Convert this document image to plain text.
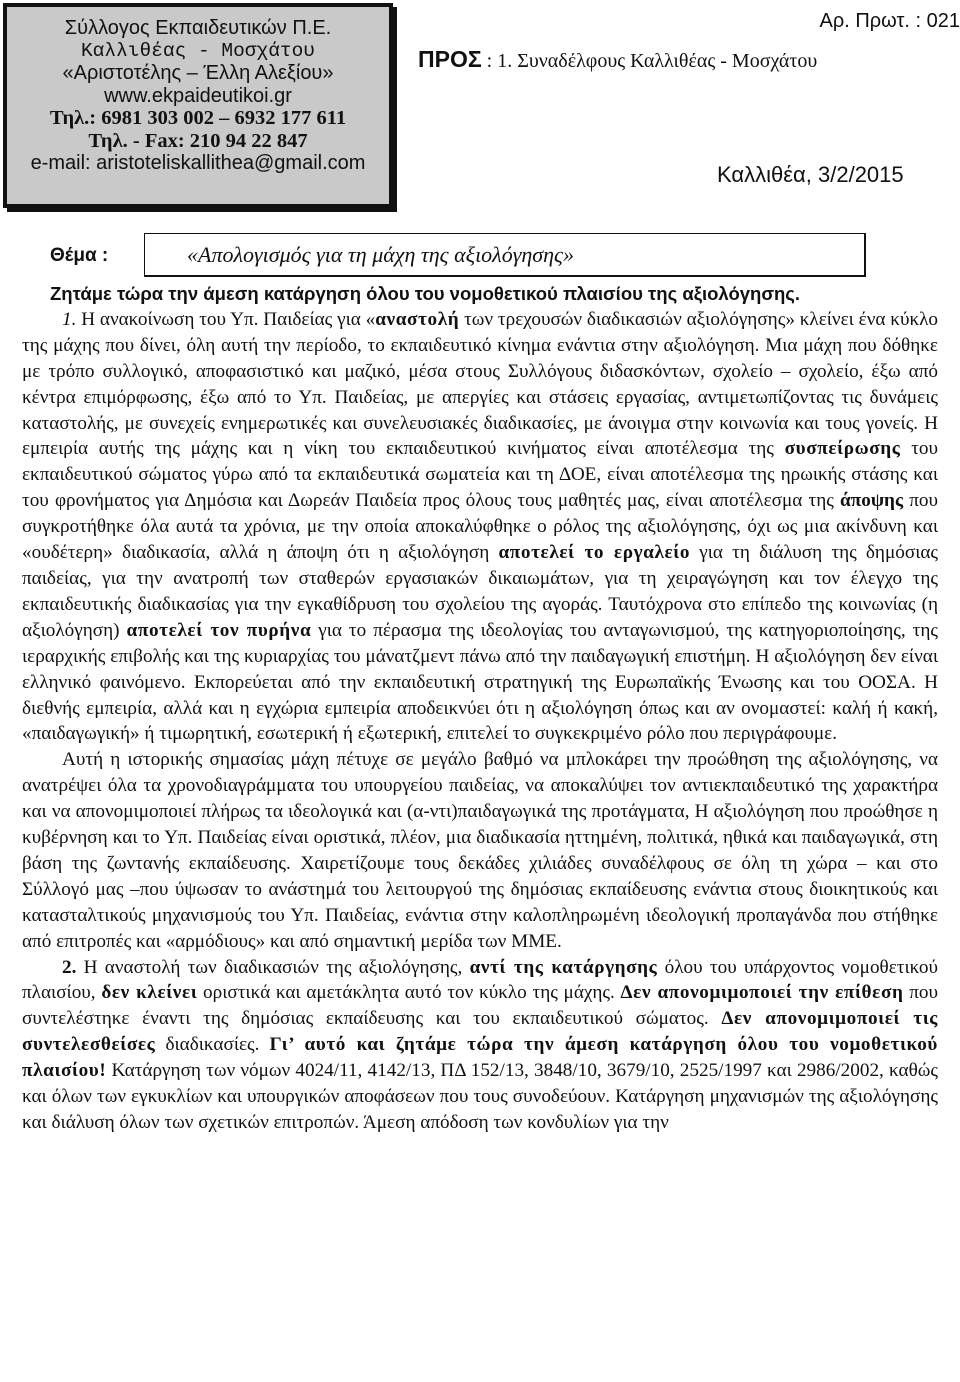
Σύλλογος Εκπαιδευτικών Π.Ε.
Καλλιθέας - Μοσχάτου
«Αριστοτέλης – Έλλη Αλεξίου»
www.ekpaideutikoi.gr
Τηλ.: 6981 303 002 – 6932 177 611
Τηλ. - Fax: 210 94 22 847
e-mail: aristoteliskallithea@gmail.com
Αρ. Πρωτ. : 021
ΠΡΟΣ : 1. Συναδέλφους Καλλιθέας - Μοσχάτου
Καλλιθέα, 3/2/2015
Θέμα :	«Απολογισμός για τη μάχη της αξιολόγησης»

Ζητάμε τώρα την άμεση κατάργηση όλου του νομοθετικού πλαισίου της αξιολόγησης.

1. Η ανακοίνωση του Υπ. Παιδείας για «αναστολή των τρεχουσών διαδικασιών αξιολόγησης» κλείνει ένα κύκλο της μάχης που δίνει, όλη αυτή την περίοδο, το εκπαιδευτικό κίνημα ενάντια στην αξιολόγηση. Μια μάχη που δόθηκε με τρόπο συλλογικό, αποφασιστικό και μαζικό, μέσα στους Συλλόγους διδασκόντων, σχολείο – σχολείο, έξω από κέντρα επιμόρφωσης, έξω από το Υπ. Παιδείας, με απεργίες και στάσεις εργασίας, αντιμετωπίζοντας τις δυνάμεις καταστολής, με συνεχείς ενημερωτικές και συνελευσιακές διαδικασίες, με άνοιγμα στην κοινωνία και τους γονείς. Η εμπειρία αυτής της μάχης και η νίκη του εκπαιδευτικού κινήματος είναι αποτέλεσμα της συσπείρωσης του εκπαιδευτικού σώματος γύρω από τα εκπαιδευτικά σωματεία και τη ΔΟΕ, είναι αποτέλεσμα της ηρωικής στάσης και του φρονήματος για Δημόσια και Δωρεάν Παιδεία προς όλους τους μαθητές μας, είναι αποτέλεσμα της άποψης που συγκροτήθηκε όλα αυτά τα χρόνια, με την οποία αποκαλύφθηκε ο ρόλος της αξιολόγησης, όχι ως μια ακίνδυνη και «ουδέτερη» διαδικασία, αλλά η άποψη ότι η αξιολόγηση αποτελεί το εργαλείο για τη διάλυση της δημόσιας παιδείας, για την ανατροπή των σταθερών εργασιακών δικαιωμάτων, για τη χειραγώγηση και τον έλεγχο της εκπαιδευτικής διαδικασίας για την εγκαθίδρυση του σχολείου της αγοράς. Ταυτόχρονα στο επίπεδο της κοινωνίας (η αξιολόγηση) αποτελεί τον πυρήνα για το πέρασμα της ιδεολογίας του ανταγωνισμού, της κατηγοριοποίησης, της ιεραρχικής επιβολής και της κυριαρχίας του μάνατζμεντ πάνω από την παιδαγωγική επιστήμη. Η αξιολόγηση δεν είναι ελληνικό φαινόμενο. Εκπορεύεται από την εκπαιδευτική στρατηγική της Ευρωπαϊκής Ένωσης και του ΟΟΣΑ. Η διεθνής εμπειρία, αλλά και η εγχώρια εμπειρία αποδεικνύει ότι η αξιολόγηση όπως και αν ονομαστεί: καλή ή κακή, «παιδαγωγική» ή τιμωρητική, εσωτερική ή εξωτερική, επιτελεί το συγκεκριμένο ρόλο που περιγράφουμε.

Αυτή η ιστορικής σημασίας μάχη πέτυχε σε μεγάλο βαθμό να μπλοκάρει την προώθηση της αξιολόγησης, να ανατρέψει όλα τα χρονοδιαγράμματα του υπουργείου παιδείας, να αποκαλύψει τον αντιεκπαιδευτικό της χαρακτήρα και να απονομιμοποιεί πλήρως τα ιδεολογικά και (α-ντι)παιδαγωγικά της προτάγματα, Η αξιολόγηση που προώθησε η κυβέρνηση και το Υπ. Παιδείας είναι οριστικά, πλέον, μια διαδικασία ηττημένη, πολιτικά, ηθικά και παιδαγωγικά, στη βάση της ζωντανής εκπαίδευσης. Χαιρετίζουμε τους δεκάδες χιλιάδες συναδέλφους σε όλη τη χώρα – και στο Σύλλογό μας –που ύψωσαν το ανάστημά του λειτουργού της δημόσιας εκπαίδευσης ενάντια στους διοικητικούς και κατασταλτικούς μηχανισμούς του Υπ. Παιδείας, ενάντια στην καλοπληρωμένη ιδεολογική προπαγάνδα που στήθηκε από επιτροπές και «αρμόδιους» και από σημαντική μερίδα των ΜΜΕ.

2. Η αναστολή των διαδικασιών της αξιολόγησης, αντί της κατάργησης όλου του υπάρχοντος νομοθετικού πλαισίου, δεν κλείνει οριστικά και αμετάκλητα αυτό τον κύκλο της μάχης. Δεν απονομιμοποιεί την επίθεση που συντελέστηκε έναντι της δημόσιας εκπαίδευσης και του εκπαιδευτικού σώματος. Δεν απονομιμοποιεί τις συντελεσθείσες διαδικασίες. Γι’ αυτό και ζητάμε τώρα την άμεση κατάργηση όλου του νομοθετικού πλαισίου! Κατάργηση των νόμων 4024/11, 4142/13, ΠΔ 152/13, 3848/10, 3679/10, 2525/1997 και 2986/2002, καθώς και όλων των εγκυκλίων και υπουργικών αποφάσεων που τους συνοδεύουν. Κατάργηση μηχανισμών της αξιολόγησης και διάλυση όλων των σχετικών επιτροπών. Άμεση απόδοση των κονδυλίων για την
